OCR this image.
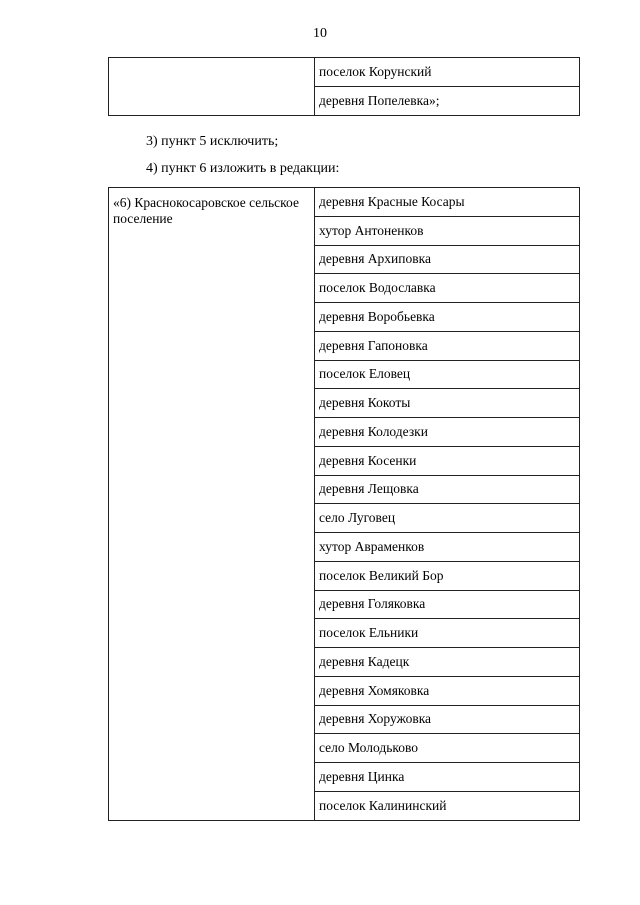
10
	поселок Корунский
деревня Попелевка»;
3) пункт 5 исключить;
4) пункт 6 изложить в редакции:
«6) Краснокосаровское сельское поселение	деревня Красные Косары
хутор Антоненков
деревня Архиповка
поселок Водославка
деревня Воробьевка
деревня Гапоновка
поселок Еловец
деревня Кокоты
деревня Колодезки
деревня Косенки
деревня Лещовка
село Луговец
хутор Авраменков
поселок Великий Бор
деревня Голяковка
поселок Ельники
деревня Кадецк
деревня Хомяковка
деревня Хоружовка
село Молодьково
деревня Цинка
поселок Калининский
